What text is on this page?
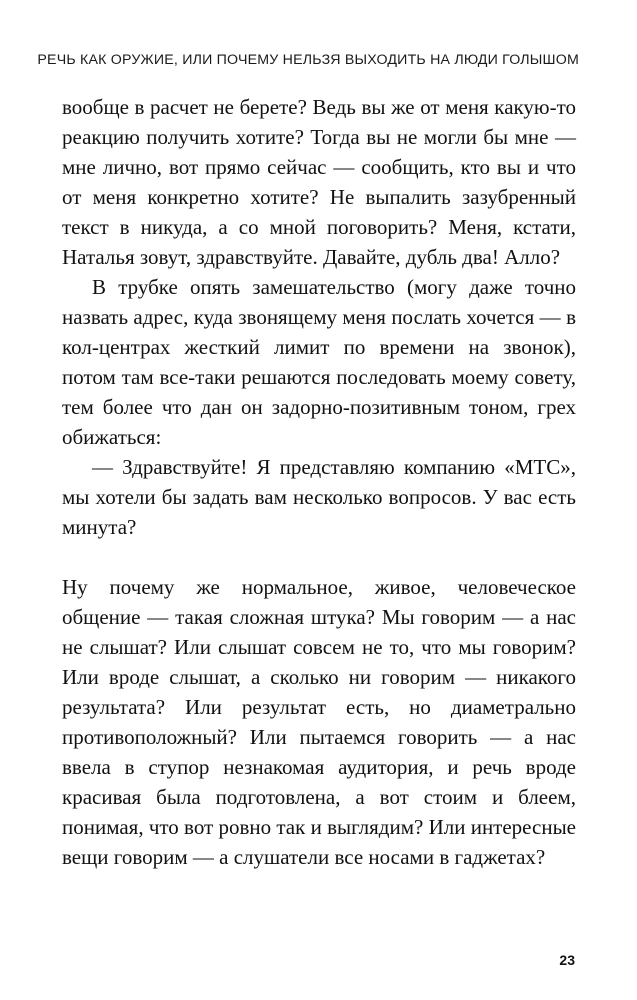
РЕЧЬ КАК ОРУЖИЕ, ИЛИ ПОЧЕМУ НЕЛЬЗЯ ВЫХОДИТЬ НА ЛЮДИ ГОЛЫШОМ

вообще в расчет не берете? Ведь вы же от меня какую-то реакцию получить хотите? Тогда вы не могли бы мне — мне лично, вот прямо сейчас — сообщить, кто вы и что от меня конкретно хотите? Не выпалить зазубренный текст в никуда, а со мной поговорить? Меня, кстати, Наталья зовут, здравствуйте. Давайте, дубль два! Алло?

В трубке опять замешательство (могу даже точно назвать адрес, куда звонящему меня послать хочется — в кол-центрах жесткий лимит по времени на звонок), потом там все-таки решаются последовать моему совету, тем более что дан он задорно-позитивным тоном, грех обижаться:

— Здравствуйте! Я представляю компанию «МТС», мы хотели бы задать вам несколько вопросов. У вас есть минута?

Ну почему же нормальное, живое, человеческое общение — такая сложная штука? Мы говорим — а нас не слышат? Или слышат совсем не то, что мы говорим? Или вроде слышат, а сколько ни говорим — никакого результата? Или результат есть, но диаметрально противоположный? Или пытаемся говорить — а нас ввела в ступор незнакомая аудитория, и речь вроде красивая была подготовлена, а вот стоим и блеем, понимая, что вот ровно так и выглядим? Или интересные вещи говорим — а слушатели все носами в гаджетах?

23
